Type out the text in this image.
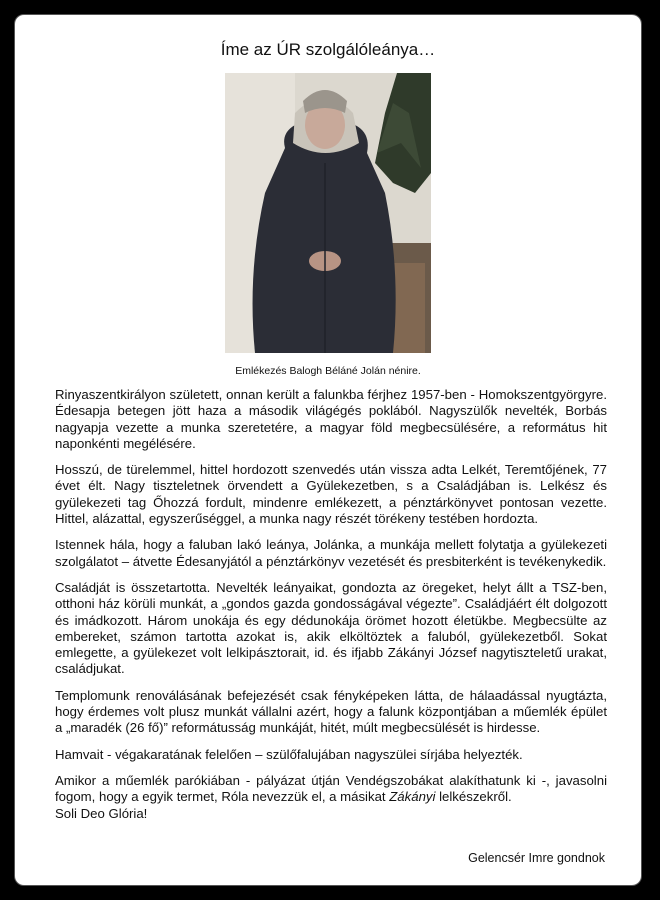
Íme az ÚR szolgálóleánya…
Emlékezés Balogh Béláné Jolán nénire.

Rinyaszentkirályon született, onnan került a falunkba férjhez 1957-ben - Homokszentgyörgyre. Édesapja betegen jött haza a második világégés poklából. Nagyszülők nevelték, Borbás nagyapja vezette a munka szeretetére, a magyar föld megbecsülésére, a református hit naponkénti megélésére.

Hosszú, de türelemmel, hittel hordozott szenvedés után vissza adta Lelkét, Teremtőjének, 77 évet élt. Nagy tiszteletnek örvendett a Gyülekezetben, s a Családjában is. Lelkész és gyülekezeti tag Őhozzá fordult, mindenre emlékezett, a pénztárkönyvet pontosan vezette. Hittel, alázattal, egyszerűséggel, a munka nagy részét törékeny testében hordozta.

Istennek hála, hogy a faluban lakó leánya, Jolánka, a munkája mellett folytatja a gyülekezeti szolgálatot – átvette Édesanyjától a pénztárkönyv vezetését és presbiterként is tevékenykedik.

Családját is összetartotta. Nevelték leányaikat, gondozta az öregeket, helyt állt a TSZ-ben, otthoni ház körüli munkát, a „gondos gazda gondosságával végezte”. Családjáért élt dolgozott és imádkozott. Három unokája és egy dédunokája örömet hozott életükbe. Megbecsülte az embereket, számon tartotta azokat is, akik elköltöztek a faluból, gyülekezetből. Sokat emlegette, a gyülekezet volt lelkipásztorait, id. és ifjabb Zákányi József nagytiszteletű urakat, családjukat.

Templomunk renoválásának befejezését csak fényképeken látta, de hálaadással nyugtázta, hogy érdemes volt plusz munkát vállalni azért, hogy a falunk központjában a műemlék épület a „maradék (26 fő)” reformátusság munkáját, hitét, múlt megbecsülését is hirdesse.

Hamvait - végakaratának felelően – szülőfalujában nagyszülei sírjába helyezték.

Amikor a műemlék parókiában - pályázat útján Vendégszobákat alakíthatunk ki -, javasolni fogom, hogy a egyik termet, Róla nevezzük el, a másikat Zákányi lelkészekről.
Soli Deo Glória!

Gelencsér Imre gondnok
